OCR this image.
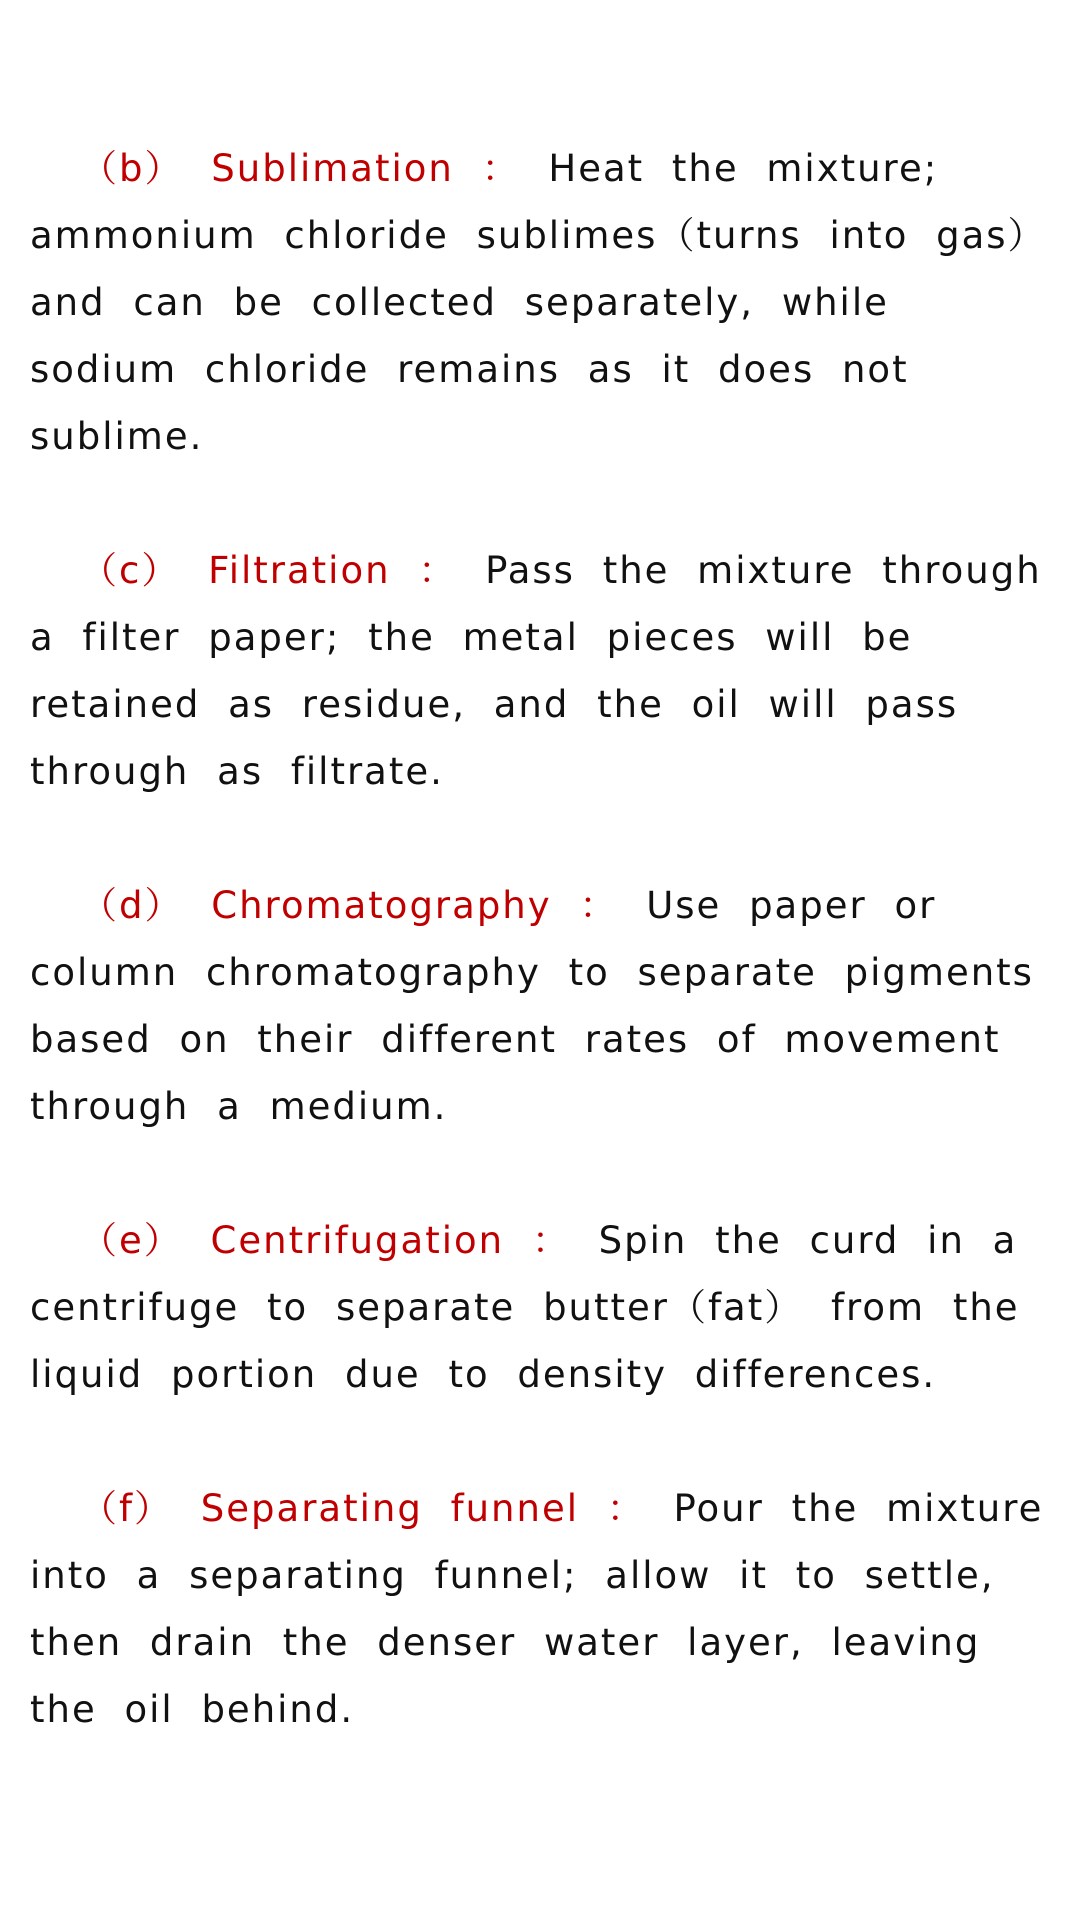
（b） Sublimation ： Heat the mixture; ammonium chloride sublimes（turns into gas） and can be collected separately, while sodium chloride remains as it does not sublime.

（c） Filtration ： Pass the mixture through a filter paper; the metal pieces will be retained as residue, and the oil will pass through as filtrate.

（d） Chromatography ： Use paper or column chromatography to separate pigments based on their different rates of movement through a medium.

（e） Centrifugation ： Spin the curd in a centrifuge to separate butter（fat） from the liquid portion due to density differences.

（f） Separating funnel ： Pour the mixture into a separating funnel; allow it to settle, then drain the denser water layer, leaving the oil behind.
